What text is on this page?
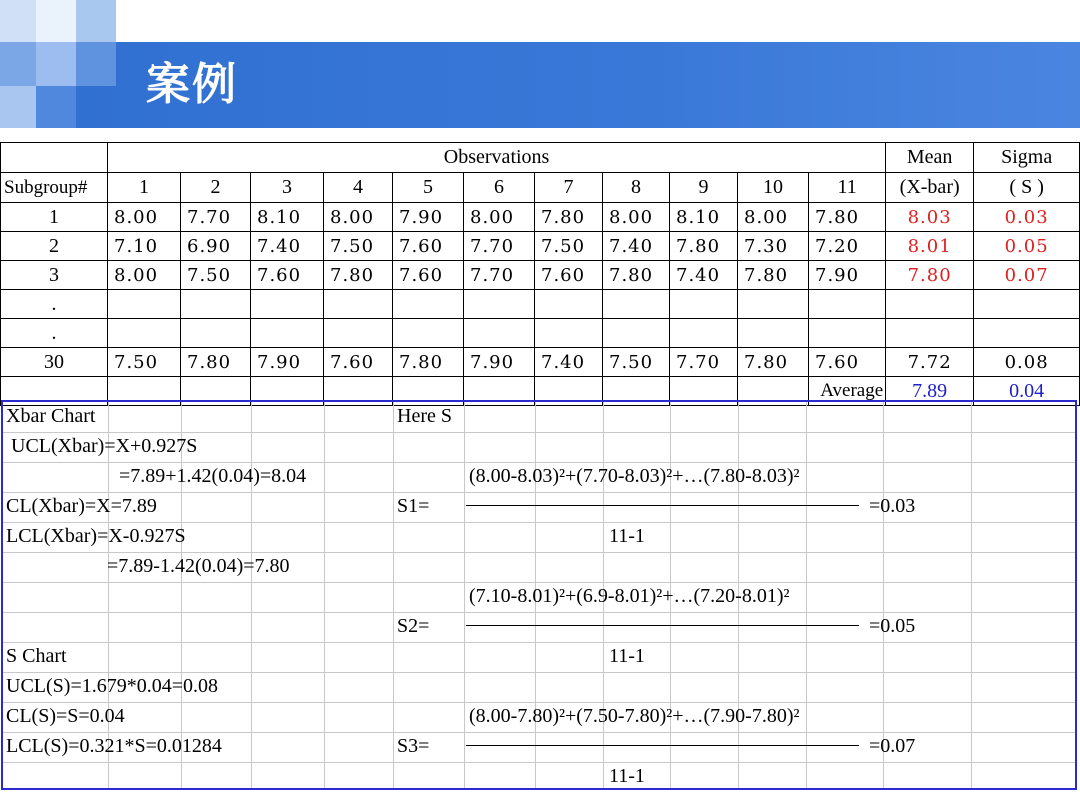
案例
	Observations											Mean	Sigma
Subgroup#	1	2	3	4	5	6	7	8	9	10	11	(X-bar)	( S )
1	8.00	7.70	8.10	8.00	7.90	8.00	7.80	8.00	8.10	8.00	7.80	8.03	0.03
2	7.10	6.90	7.40	7.50	7.60	7.70	7.50	7.40	7.80	7.30	7.20	8.01	0.05
3	8.00	7.50	7.60	7.80	7.60	7.70	7.60	7.80	7.40	7.80	7.90	7.80	0.07
.													
.													
30	7.50	7.80	7.90	7.60	7.80	7.90	7.40	7.50	7.70	7.80	7.60	7.72	0.08
											Average	7.89	0.04
Xbar Chart
UCL(Xbar)=X+0.927S
=7.89+1.42(0.04)=8.04
CL(Xbar)=X=7.89
LCL(Xbar)=X-0.927S
=7.89-1.42(0.04)=7.80
S Chart
UCL(S)=1.679*0.04=0.08
CL(S)=S=0.04
LCL(S)=0.321*S=0.01284
Here S
(8.00-8.03)²+(7.70-8.03)²+…(7.80-8.03)²
S1=	=0.03
11-1
(7.10-8.01)²+(6.9-8.01)²+…(7.20-8.01)²
S2=	=0.05
11-1
(8.00-7.80)²+(7.50-7.80)²+…(7.90-7.80)²
S3=	=0.07
11-1
